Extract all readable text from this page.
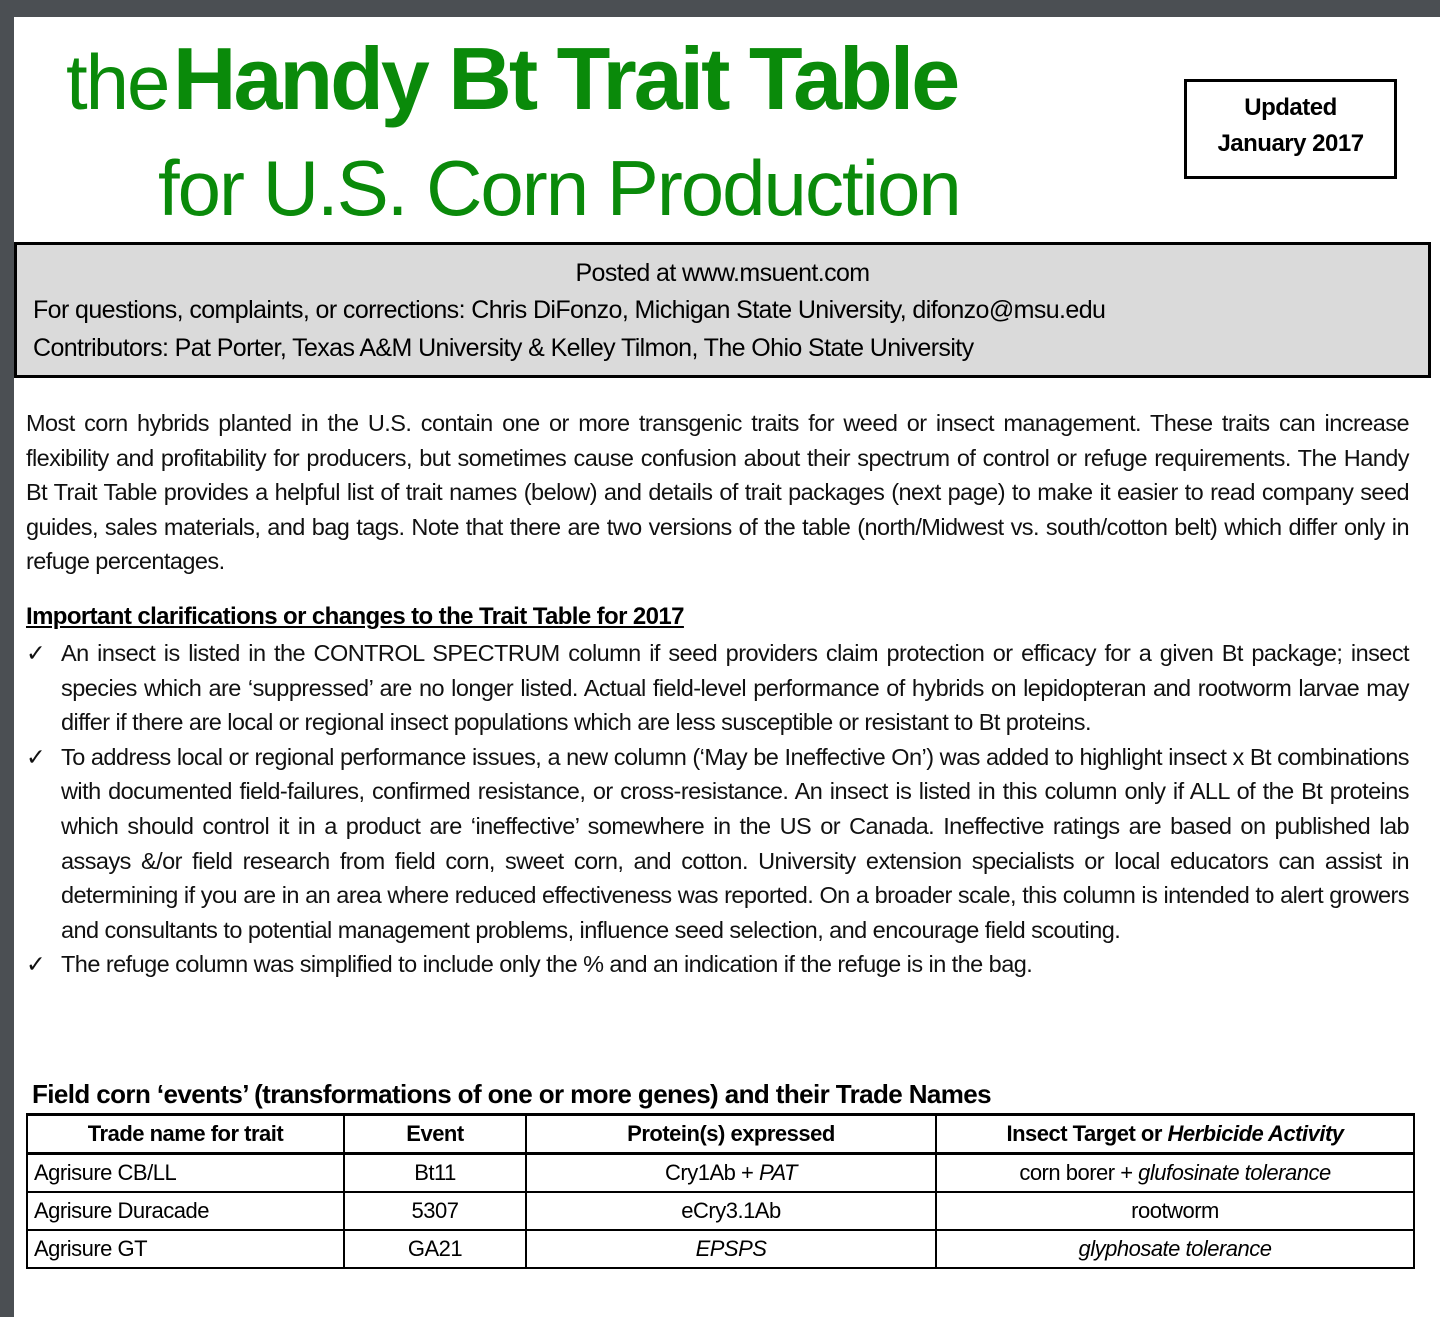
the Handy Bt Trait Table
for U.S. Corn Production
Updated
January 2017
Posted at www.msuent.com
For questions, complaints, or corrections: Chris DiFonzo, Michigan State University, difonzo@msu.edu
Contributors: Pat Porter, Texas A&M University & Kelley Tilmon, The Ohio State University
Most corn hybrids planted in the U.S. contain one or more transgenic traits for weed or insect management. These traits can increase flexibility and profitability for producers, but sometimes cause confusion about their spectrum of control or refuge requirements. The Handy Bt Trait Table provides a helpful list of trait names (below) and details of trait packages (next page) to make it easier to read company seed guides, sales materials, and bag tags. Note that there are two versions of the table (north/Midwest vs. south/cotton belt) which differ only in refuge percentages.
Important clarifications or changes to the Trait Table for 2017
✓ An insect is listed in the CONTROL SPECTRUM column if seed providers claim protection or efficacy for a given Bt package; insect species which are ‘suppressed’ are no longer listed. Actual field-level performance of hybrids on lepidopteran and rootworm larvae may differ if there are local or regional insect populations which are less susceptible or resistant to Bt proteins.
✓ To address local or regional performance issues, a new column (‘May be Ineffective On’) was added to highlight insect x Bt combinations with documented field-failures, confirmed resistance, or cross-resistance. An insect is listed in this column only if ALL of the Bt proteins which should control it in a product are ‘ineffective’ somewhere in the US or Canada. Ineffective ratings are based on published lab assays &/or field research from field corn, sweet corn, and cotton. University extension specialists or local educators can assist in determining if you are in an area where reduced effectiveness was reported. On a broader scale, this column is intended to alert growers and consultants to potential management problems, influence seed selection, and encourage field scouting.
✓ The refuge column was simplified to include only the % and an indication if the refuge is in the bag.
Field corn ‘events’ (transformations of one or more genes) and their Trade Names
Trade name for trait	Event	Protein(s) expressed	Insect Target or Herbicide Activity
Agrisure CB/LL	Bt11	Cry1Ab + PAT	corn borer + glufosinate tolerance
Agrisure Duracade	5307	eCry3.1Ab	rootworm
Agrisure GT	GA21	EPSPS	glyphosate tolerance
